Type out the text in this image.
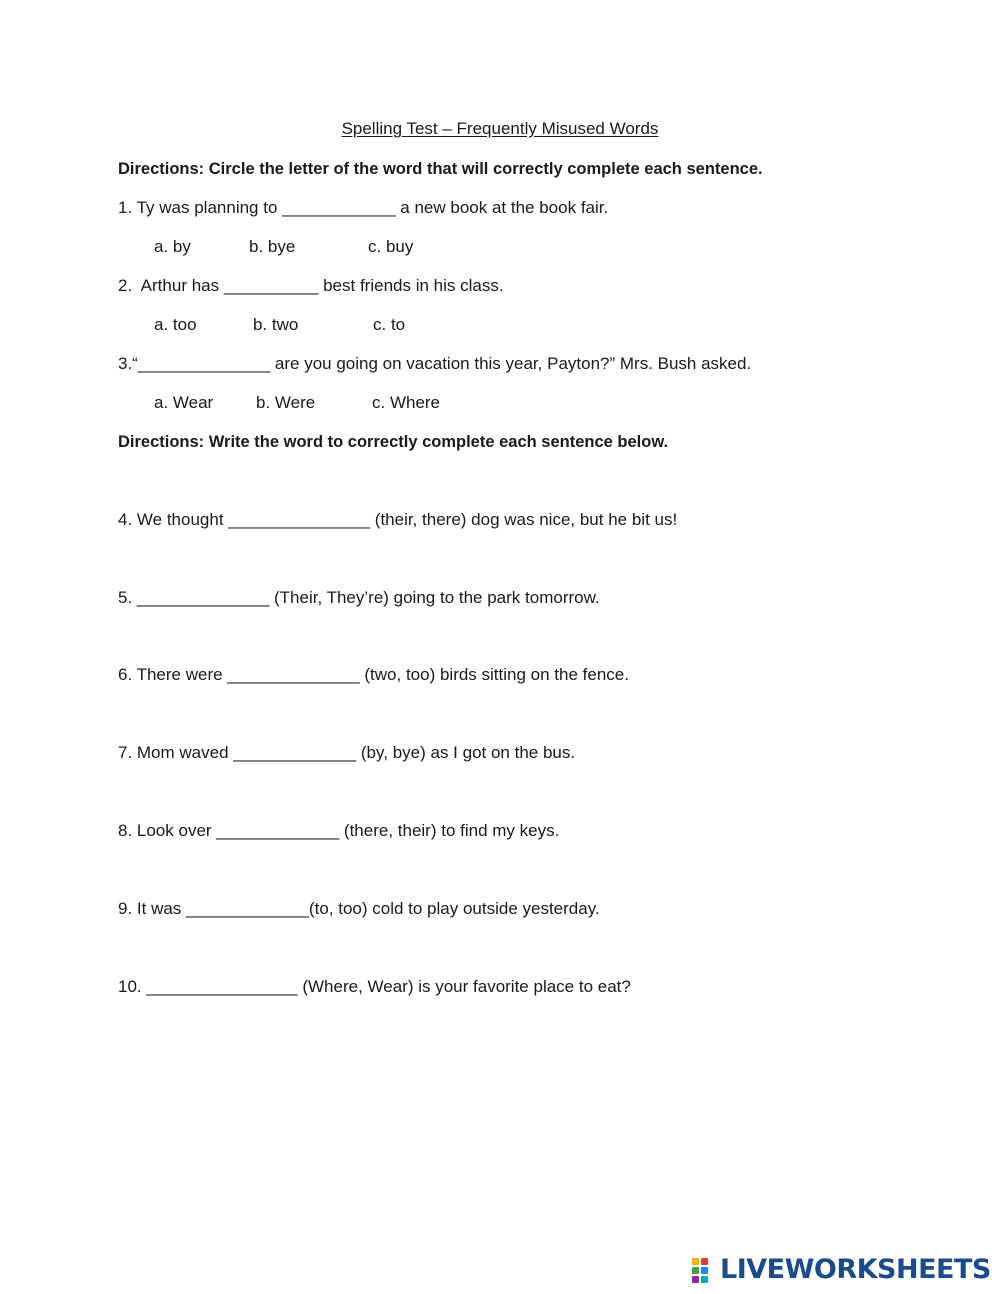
Spelling Test – Frequently Misused Words
Directions: Circle the letter of the word that will correctly complete each sentence.
1. Ty was planning to ____________ a new book at the book fair.
a. by	b. bye	c. buy
2.  Arthur has __________ best friends in his class.
a. too	b. two	c. to
3.“______________ are you going on vacation this year, Payton?” Mrs. Bush asked.
a. Wear	b. Were	c. Where
Directions: Write the word to correctly complete each sentence below.
4. We thought _______________ (their, there) dog was nice, but he bit us!
5. ______________ (Their, They’re) going to the park tomorrow.
6. There were ______________ (two, too) birds sitting on the fence.
7. Mom waved _____________ (by, bye) as I got on the bus.
8. Look over _____________ (there, their) to find my keys.
9. It was _____________(to, too) cold to play outside yesterday.
10. ________________ (Where, Wear) is your favorite place to eat?
LIVEWORKSHEETS
